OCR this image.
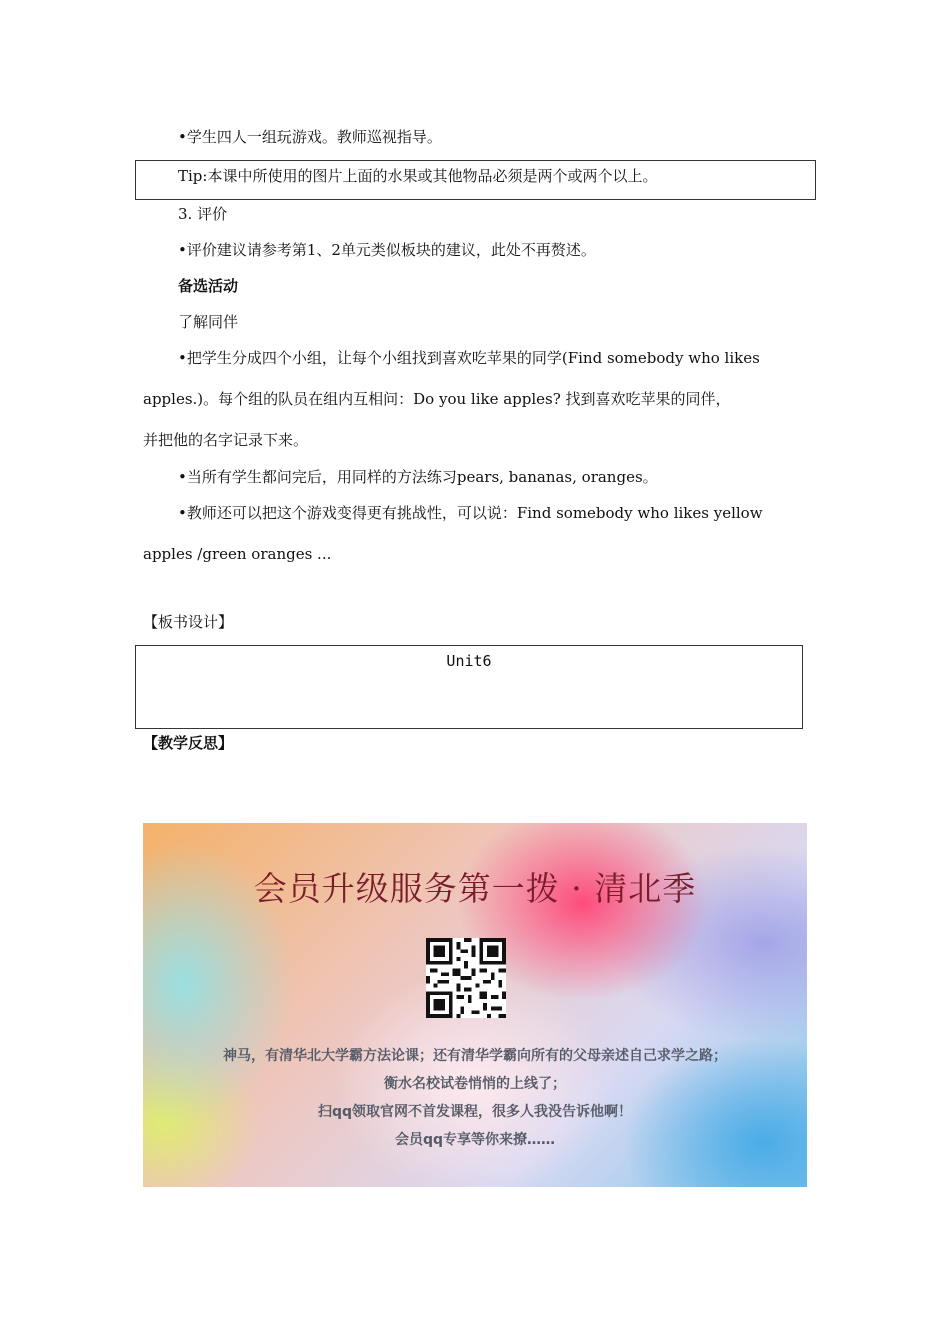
•学生四人一组玩游戏。教师巡视指导。
Tip:本课中所使用的图片上面的水果或其他物品必须是两个或两个以上。
3. 评价
•评价建议请参考第1、2单元类似板块的建议，此处不再赘述。
备选活动
了解同伴
•把学生分成四个小组，让每个小组找到喜欢吃苹果的同学(Find somebody who likes
apples.)。每个组的队员在组内互相问：Do you like apples? 找到喜欢吃苹果的同伴，
并把他的名字记录下来。
•当所有学生都问完后，用同样的方法练习pears, bananas, oranges。
•教师还可以把这个游戏变得更有挑战性，可以说：Find somebody who likes yellow
apples /green oranges ...
【板书设计】
Unit6
【教学反思】
会员升级服务第一拨 · 清北季
神马，有清华北大学霸方法论课；还有清华学霸向所有的父母亲述自己求学之路；
衡水名校试卷悄悄的上线了；
扫qq领取官网不首发课程，很多人我没告诉他啊！
会员qq专享等你来撩……
